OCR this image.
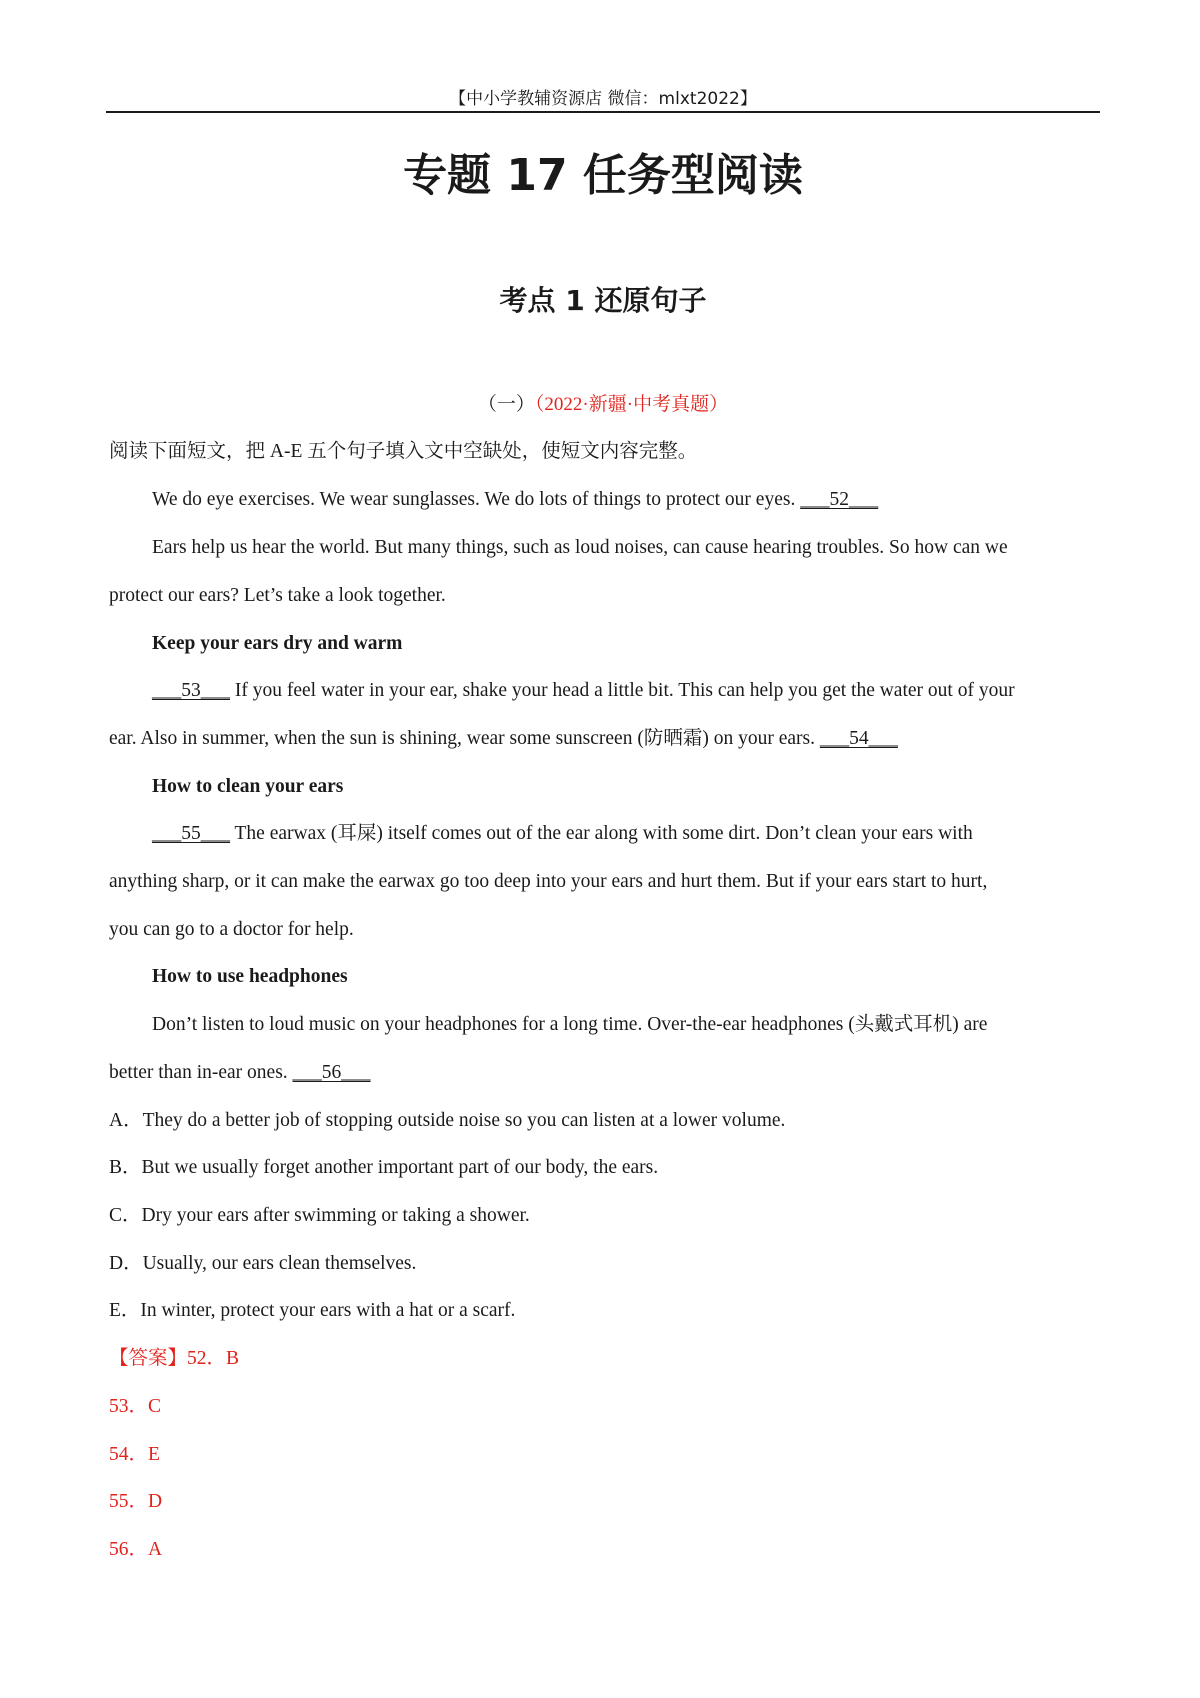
【中小学教辅资源店 微信：mlxt2022】
专题 17 任务型阅读
考点 1 还原句子
（一）（2022·新疆·中考真题）
阅读下面短文，把 A-E 五个句子填入文中空缺处，使短文内容完整。
We do eye exercises. We wear sunglasses. We do lots of things to protect our eyes. ___52___
Ears help us hear the world. But many things, such as loud noises, can cause hearing troubles. So how can we
protect our ears? Let’s take a look together.
Keep your ears dry and warm
___53___ If you feel water in your ear, shake your head a little bit. This can help you get the water out of your
ear. Also in summer, when the sun is shining, wear some sunscreen (防晒霜) on your ears. ___54___
How to clean your ears
___55___ The earwax (耳屎) itself comes out of the ear along with some dirt. Don’t clean your ears with
anything sharp, or it can make the earwax go too deep into your ears and hurt them. But if your ears start to hurt,
you can go to a doctor for help.
How to use headphones
Don’t listen to loud music on your headphones for a long time. Over-the-ear headphones (头戴式耳机) are
better than in-ear ones. ___56___
A．They do a better job of stopping outside noise so you can listen at a lower volume.
B．But we usually forget another important part of our body, the ears.
C．Dry your ears after swimming or taking a shower.
D．Usually, our ears clean themselves.
E．In winter, protect your ears with a hat or a scarf.
【答案】52．B
53．C
54．E
55．D
56．A
